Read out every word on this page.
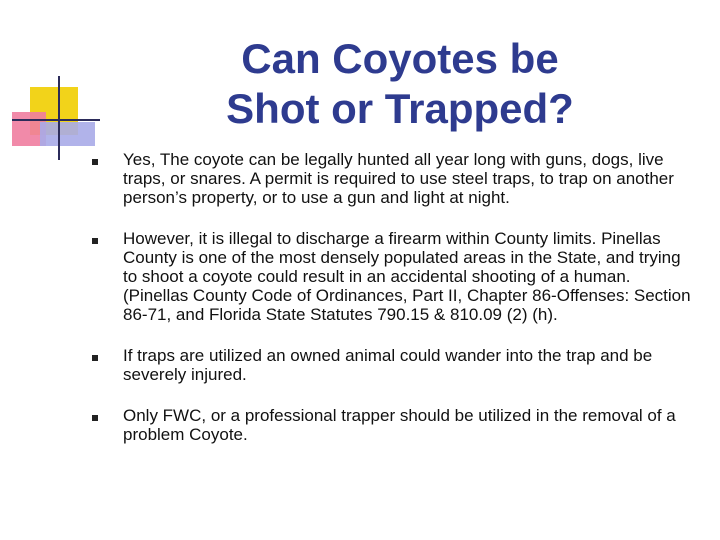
Can Coyotes be
Shot or Trapped?
Yes, The coyote can be legally hunted all year long with guns, dogs, live traps, or snares. A permit is required to use steel traps, to trap on another person’s property, or to use a gun and light at night.
However, it is illegal to discharge a firearm within County limits. Pinellas County is one of the most densely populated areas in the State, and trying to shoot a coyote could result in an accidental shooting of a human. (Pinellas County Code of Ordinances, Part II, Chapter 86-Offenses: Section 86-71, and Florida State Statutes 790.15 & 810.09 (2) (h).
If traps are utilized an owned animal could wander into the trap and be severely injured.
Only FWC, or a professional trapper should be utilized in the removal of a problem Coyote.
